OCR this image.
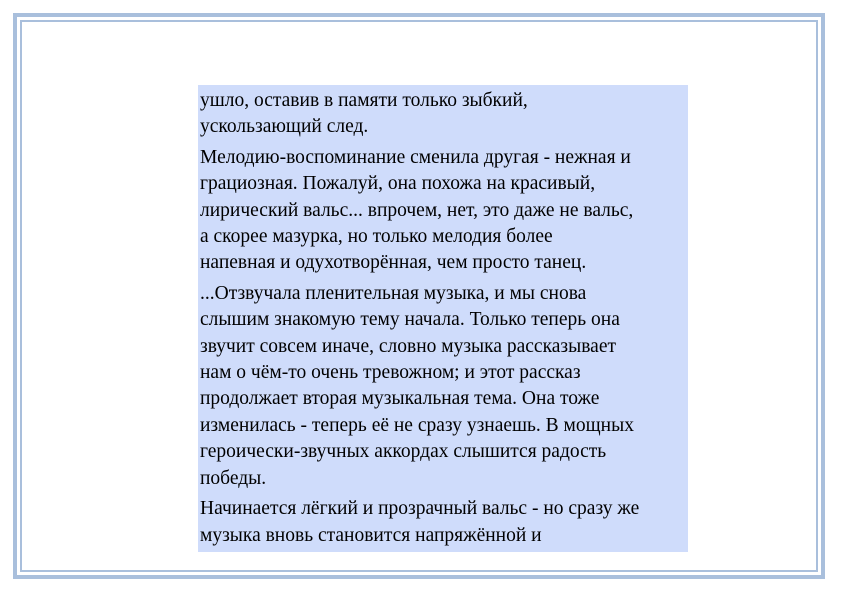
ушло, оставив в памяти только зыбкий,
ускользающий след.

Мелодию-воспоминание сменила другая - нежная и
грациозная. Пожалуй, она похожа на красивый,
лирический вальс... впрочем, нет, это даже не вальс,
а скорее мазурка, но только мелодия более
напевная и одухотворённая, чем просто танец.

...Отзвучала пленительная музыка, и мы снова
слышим знакомую тему начала. Только теперь она
звучит совсем иначе, словно музыка рассказывает
нам о чём-то очень тревожном; и этот рассказ
продолжает вторая музыкальная тема. Она тоже
изменилась - теперь её не сразу узнаешь. В мощных
героически-звучных аккордах слышится радость
победы.

Начинается лёгкий и прозрачный вальс - но сразу же
музыка вновь становится напряжённой и
